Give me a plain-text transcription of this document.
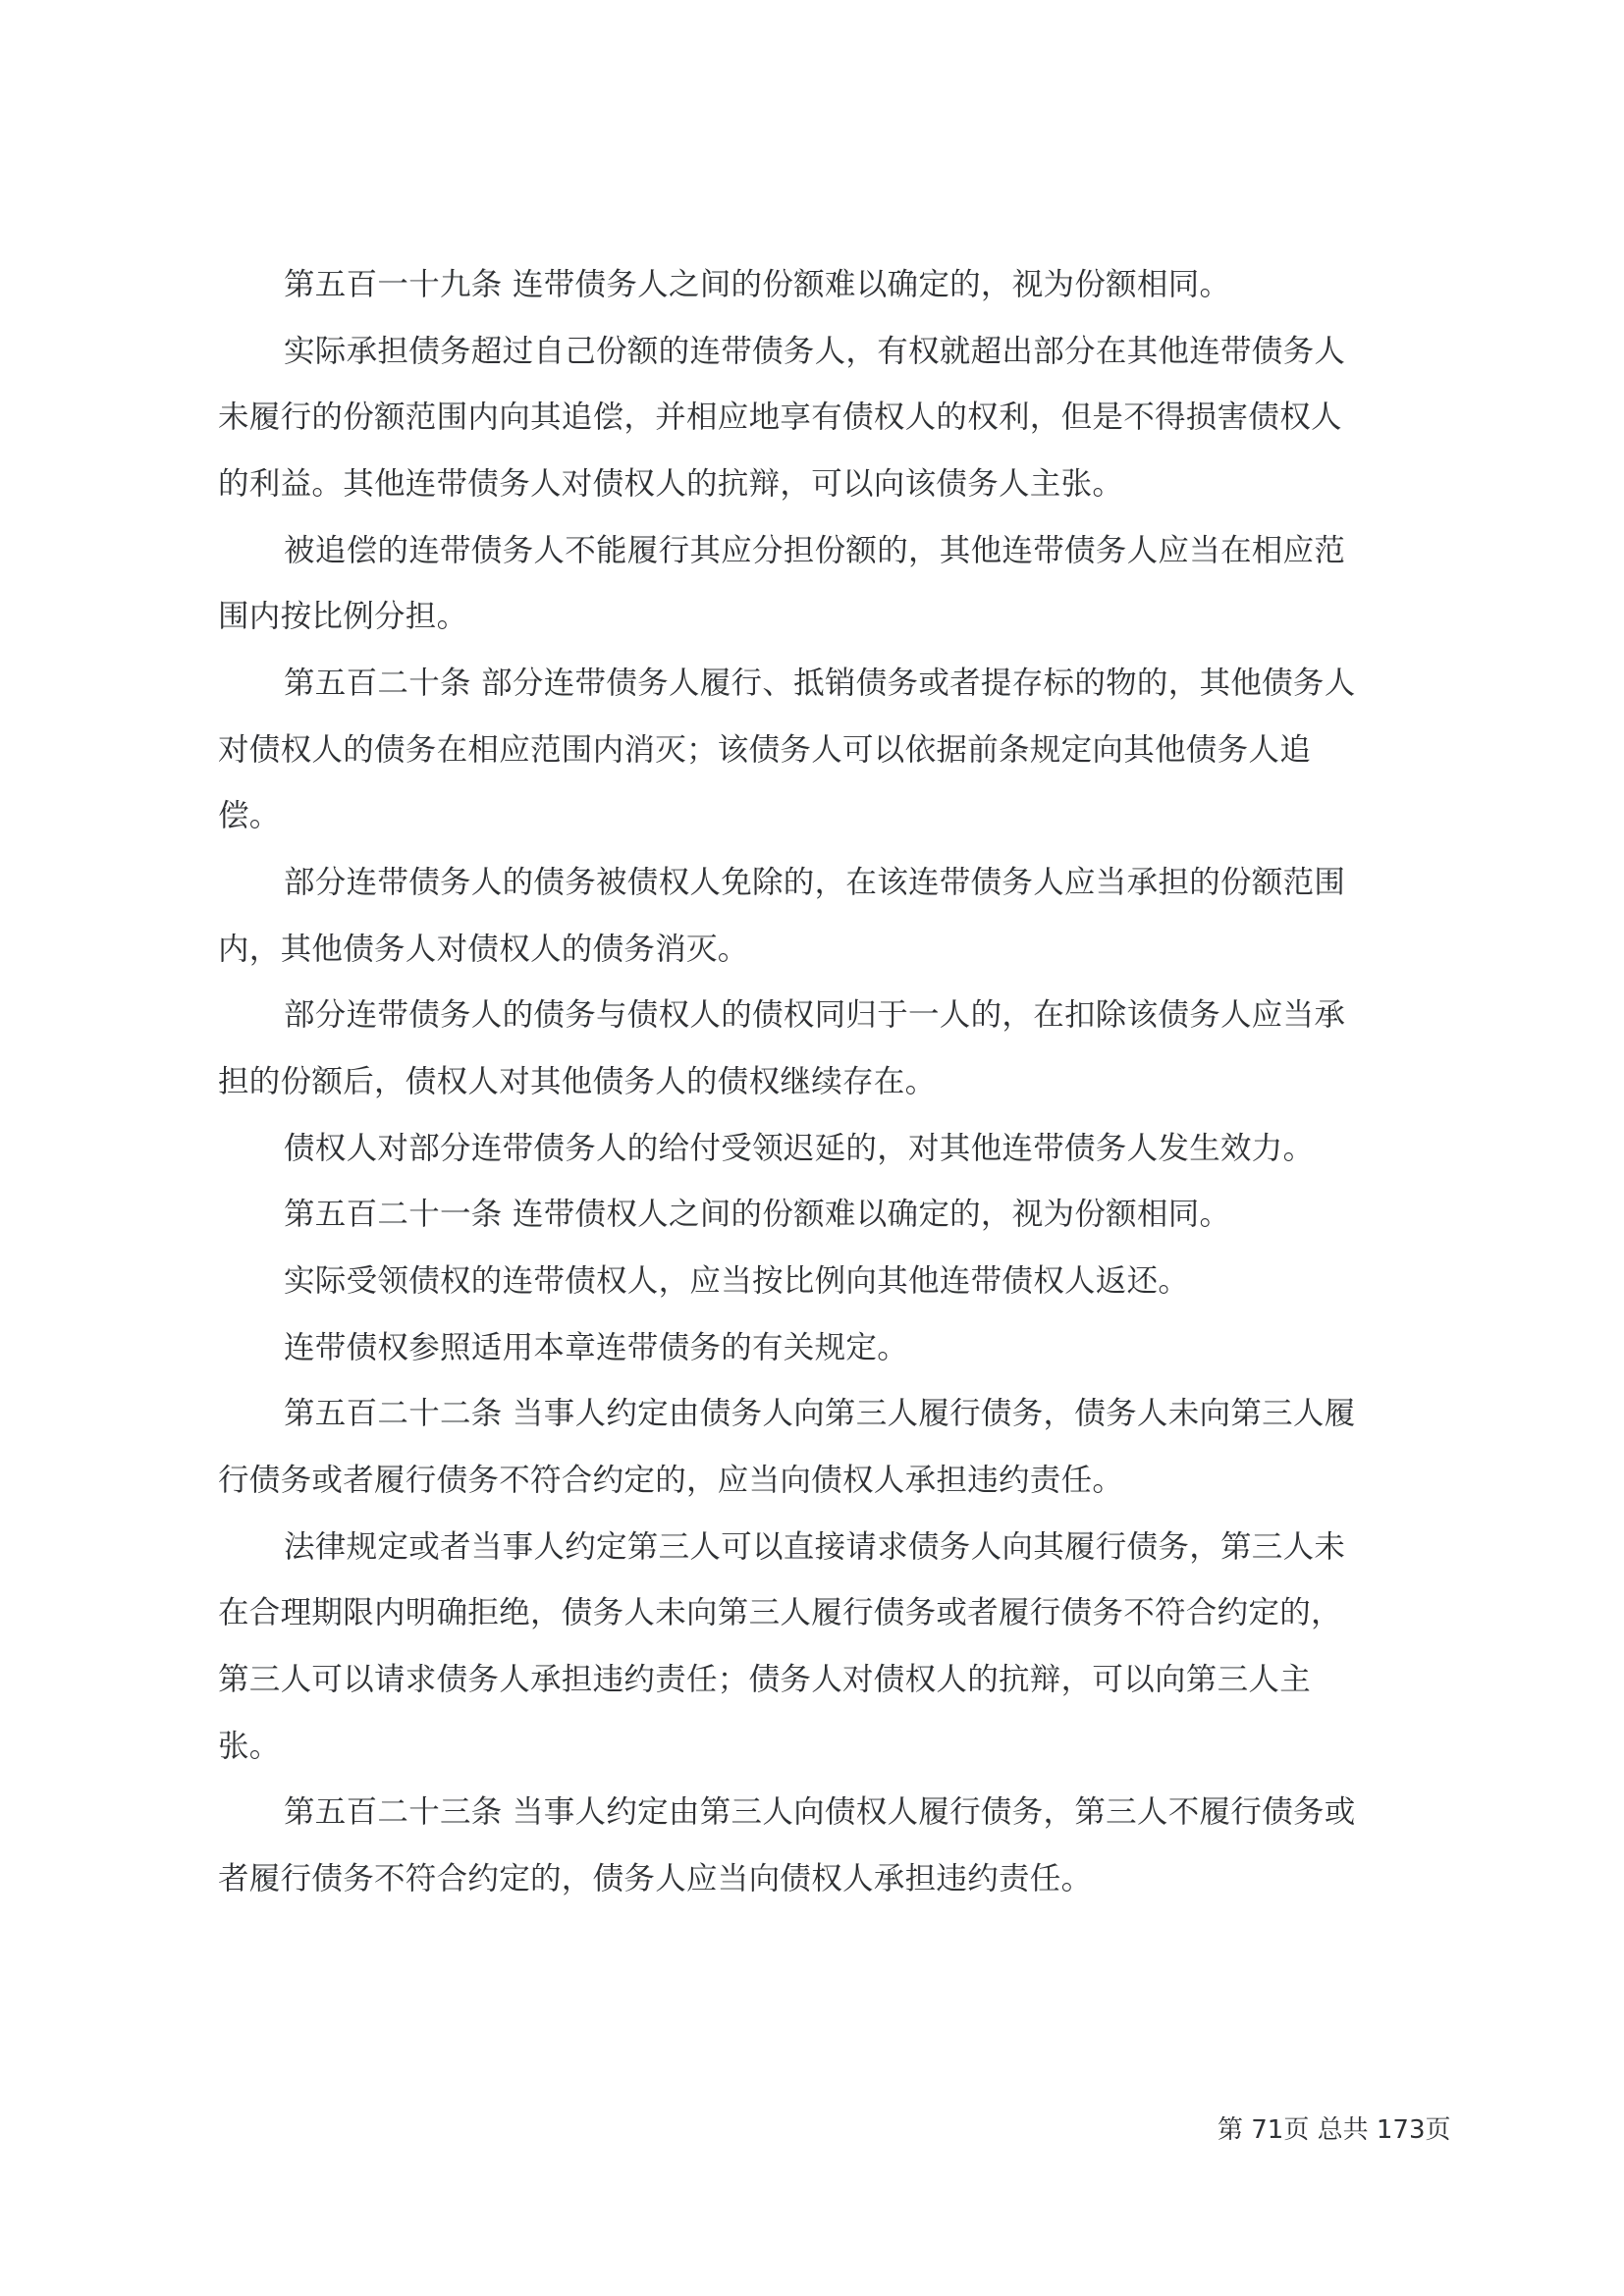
第五百一十九条 连带债务人之间的份额难以确定的，视为份额相同。
实际承担债务超过自己份额的连带债务人，有权就超出部分在其他连带债务人
未履行的份额范围内向其追偿，并相应地享有债权人的权利，但是不得损害债权人
的利益。其他连带债务人对债权人的抗辩，可以向该债务人主张。
被追偿的连带债务人不能履行其应分担份额的，其他连带债务人应当在相应范
围内按比例分担。
第五百二十条 部分连带债务人履行、抵销债务或者提存标的物的，其他债务人
对债权人的债务在相应范围内消灭；该债务人可以依据前条规定向其他债务人追
偿。
部分连带债务人的债务被债权人免除的，在该连带债务人应当承担的份额范围
内，其他债务人对债权人的债务消灭。
部分连带债务人的债务与债权人的债权同归于一人的，在扣除该债务人应当承
担的份额后，债权人对其他债务人的债权继续存在。
债权人对部分连带债务人的给付受领迟延的，对其他连带债务人发生效力。
第五百二十一条 连带债权人之间的份额难以确定的，视为份额相同。
实际受领债权的连带债权人，应当按比例向其他连带债权人返还。
连带债权参照适用本章连带债务的有关规定。
第五百二十二条 当事人约定由债务人向第三人履行债务，债务人未向第三人履
行债务或者履行债务不符合约定的，应当向债权人承担违约责任。
法律规定或者当事人约定第三人可以直接请求债务人向其履行债务，第三人未
在合理期限内明确拒绝，债务人未向第三人履行债务或者履行债务不符合约定的，
第三人可以请求债务人承担违约责任；债务人对债权人的抗辩，可以向第三人主
张。
第五百二十三条 当事人约定由第三人向债权人履行债务，第三人不履行债务或
者履行债务不符合约定的，债务人应当向债权人承担违约责任。
第 71页 总共 173页
